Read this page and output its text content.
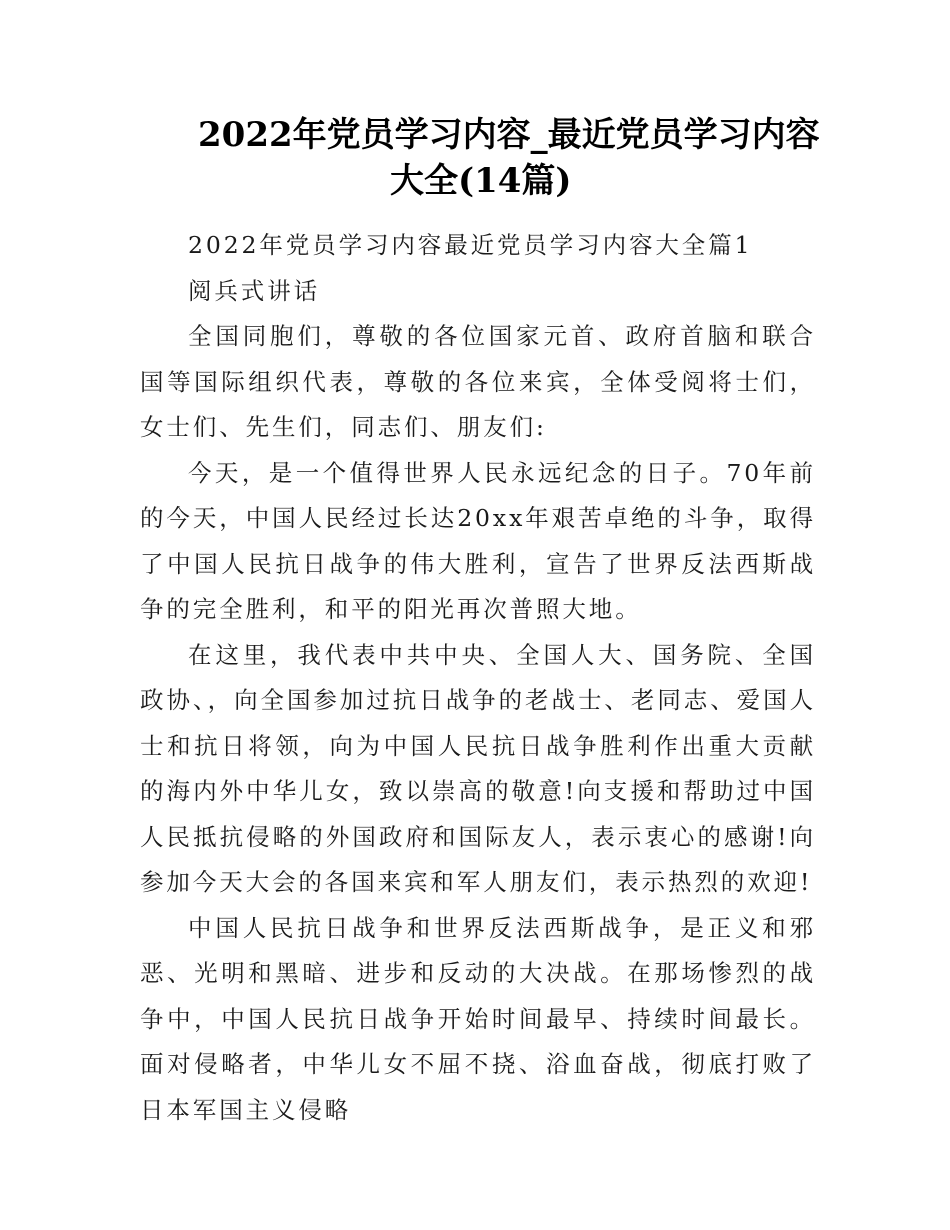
2022年党员学习内容_最近党员学习内容
大全(14篇)

2022年党员学习内容最近党员学习内容大全篇1

阅兵式讲话

全国同胞们，尊敬的各位国家元首、政府首脑和联合国等国际组织代表，尊敬的各位来宾，全体受阅将士们，女士们、先生们，同志们、朋友们:

今天，是一个值得世界人民永远纪念的日子。70年前的今天，中国人民经过长达20xx年艰苦卓绝的斗争，取得了中国人民抗日战争的伟大胜利，宣告了世界反法西斯战争的完全胜利，和平的阳光再次普照大地。

在这里，我代表中共中央、全国人大、国务院、全国政协、，向全国参加过抗日战争的老战士、老同志、爱国人士和抗日将领，向为中国人民抗日战争胜利作出重大贡献的海内外中华儿女，致以崇高的敬意!向支援和帮助过中国人民抵抗侵略的外国政府和国际友人，表示衷心的感谢!向参加今天大会的各国来宾和军人朋友们，表示热烈的欢迎!

中国人民抗日战争和世界反法西斯战争，是正义和邪恶、光明和黑暗、进步和反动的大决战。在那场惨烈的战争中，中国人民抗日战争开始时间最早、持续时间最长。面对侵略者，中华儿女不屈不挠、浴血奋战，彻底打败了日本军国主义侵略
